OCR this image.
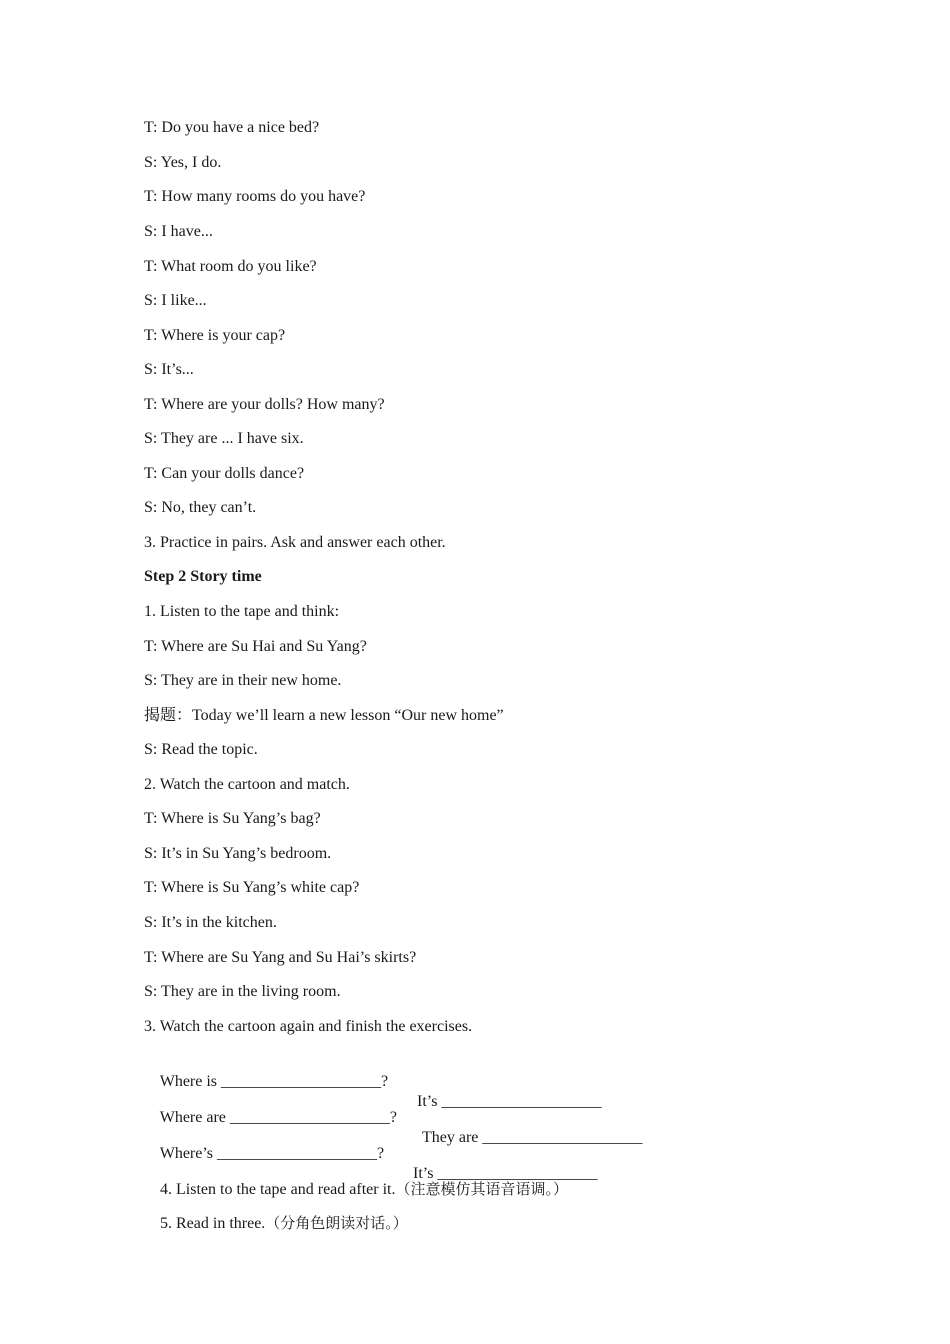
T: Do you have a nice bed?
S: Yes, I do.
T: How many rooms do you have?
S: I have...
T: What room do you like?
S: I like...
T: Where is your cap?
S: It’s...
T: Where are your dolls? How many?
S: They are ... I have six.
T: Can your dolls dance?
S: No, they can’t.
3. Practice in pairs. Ask and answer each other.
Step 2 Story time
1. Listen to the tape and think:
T: Where are Su Hai and Su Yang?
S: They are in their new home.
揭题：Today we’ll learn a new lesson “Our new home”
S: Read the topic.
2. Watch the cartoon and match.
T: Where is Su Yang’s bag?
S: It’s in Su Yang’s bedroom.
T: Where is Su Yang’s white cap?
S: It’s in the kitchen.
T: Where are Su Yang and Su Hai’s skirts?
S: They are in the living room.
3. Watch the cartoon again and finish the exercises.

Where is ____________________?

It’s ____________________

Where are ____________________?

They are ____________________

Where’s ____________________?

It’s ____________________

4. Listen to the tape and read after it.（注意模仿其语音语调。）

5. Read in three.（分角色朗读对话。）
